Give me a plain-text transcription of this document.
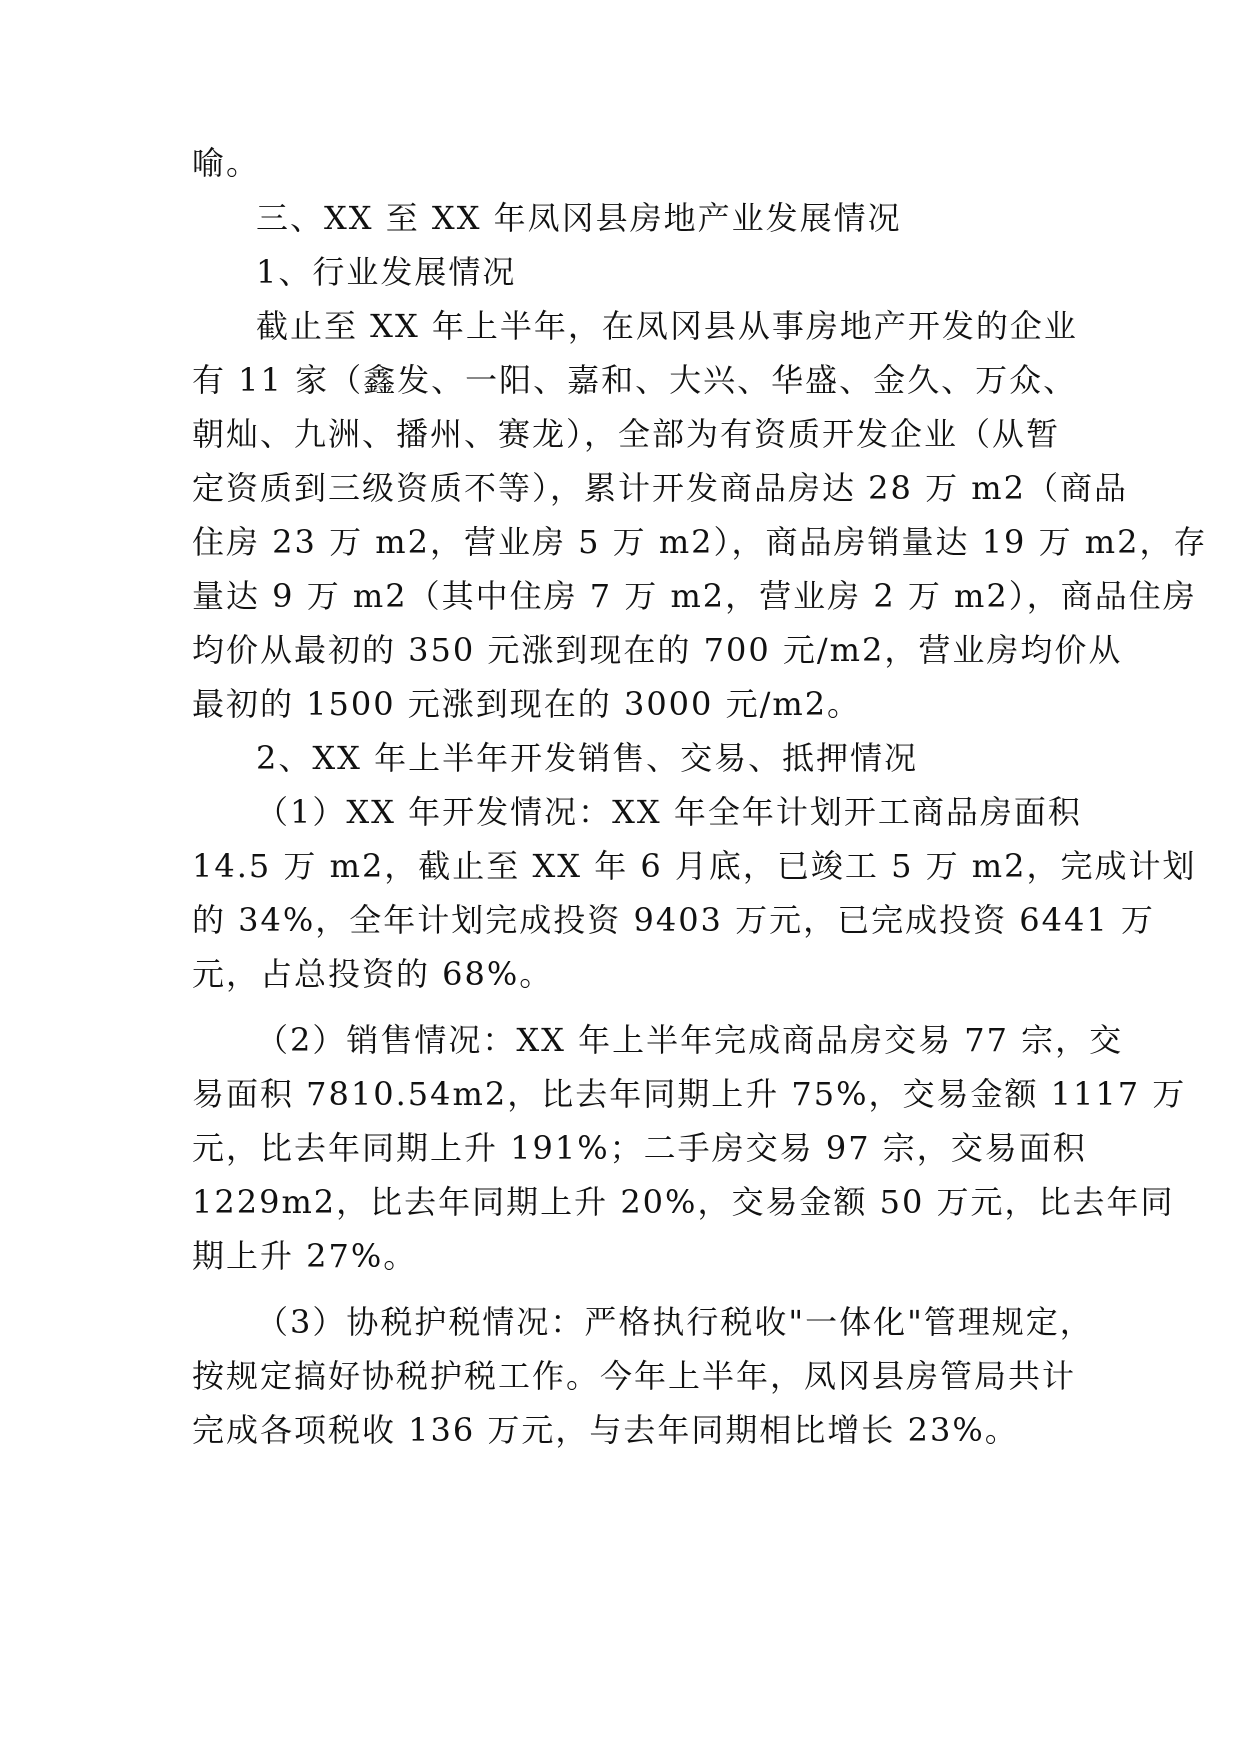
喻。
三、XX 至 XX 年凤冈县房地产业发展情况
1、行业发展情况
截止至 XX 年上半年，在凤冈县从事房地产开发的企业
有 11 家（鑫发、一阳、嘉和、大兴、华盛、金久、万众、
朝灿、九洲、播州、赛龙），全部为有资质开发企业（从暂
定资质到三级资质不等），累计开发商品房达 28 万 m2（商品
住房 23 万 m2，营业房 5 万 m2），商品房销量达 19 万 m2，存
量达 9 万 m2（其中住房 7 万 m2，营业房 2 万 m2），商品住房
均价从最初的 350 元涨到现在的 700 元/m2，营业房均价从
最初的 1500 元涨到现在的 3000 元/m2。
2、XX 年上半年开发销售、交易、抵押情况
（1）XX 年开发情况：XX 年全年计划开工商品房面积
14.5 万 m2，截止至 XX 年 6 月底，已竣工 5 万 m2，完成计划
的 34%，全年计划完成投资 9403 万元，已完成投资 6441 万
元，占总投资的 68%。
（2）销售情况：XX 年上半年完成商品房交易 77 宗，交
易面积 7810.54m2，比去年同期上升 75%，交易金额 1117 万
元，比去年同期上升 191%；二手房交易 97 宗，交易面积
1229m2，比去年同期上升 20%，交易金额 50 万元，比去年同
期上升 27%。
（3）协税护税情况：严格执行税收"一体化"管理规定，
按规定搞好协税护税工作。今年上半年，凤冈县房管局共计
完成各项税收 136 万元，与去年同期相比增长 23%。
